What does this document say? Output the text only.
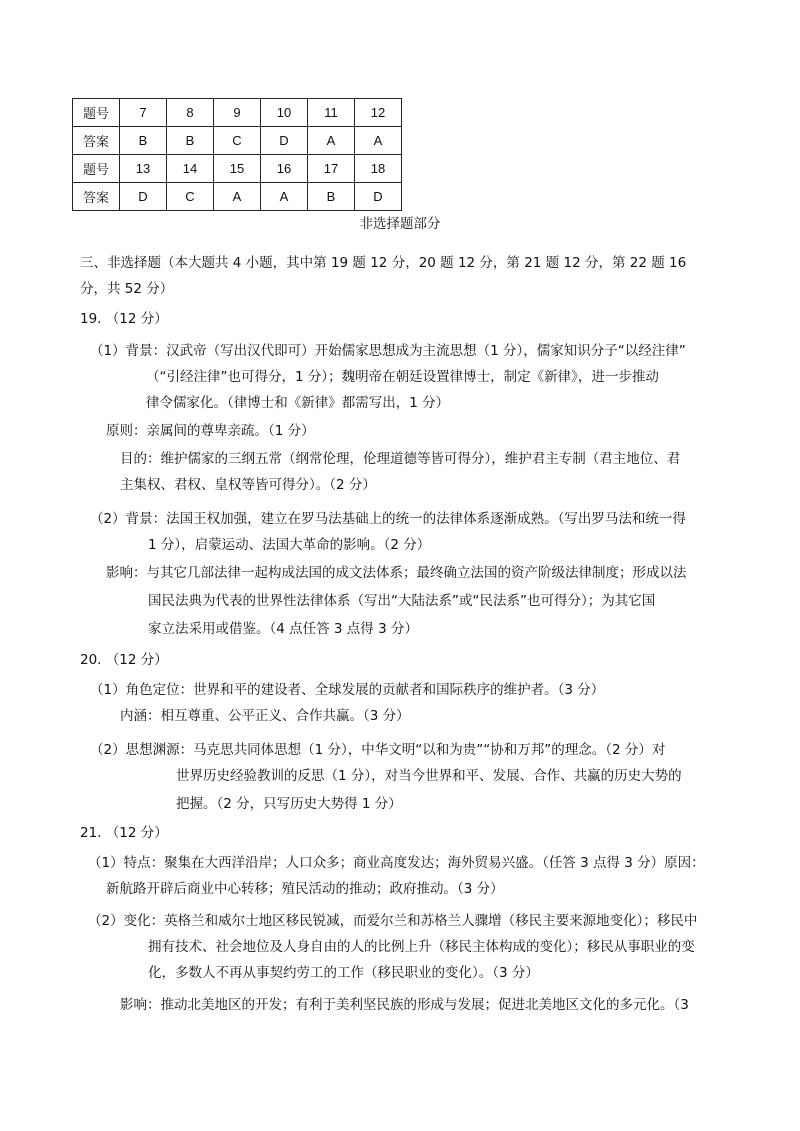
题号	7	8	9	10	11	12
答案	B	B	C	D	A	A
题号	13	14	15	16	17	18
答案	D	C	A	A	B	D
非选择题部分
三、非选择题（本大题共 4 小题，其中第 19 题 12 分，20 题 12 分，第 21 题 12 分，第 22 题 16
分，共 52 分）
19. （12 分）
（1）背景：汉武帝（写出汉代即可）开始儒家思想成为主流思想（1 分），儒家知识分子“以经注律”
（“引经注律”也可得分，1 分）；魏明帝在朝廷设置律博士，制定《新律》，进一步推动
律令儒家化。（律博士和《新律》都需写出，1 分）
原则：亲属间的尊卑亲疏。（1 分）
目的：维护儒家的三纲五常（纲常伦理，伦理道德等皆可得分），维护君主专制（君主地位、君
主集权、君权、皇权等皆可得分）。（2 分）
（2）背景：法国王权加强，建立在罗马法基础上的统一的法律体系逐渐成熟。（写出罗马法和统一得
1 分），启蒙运动、法国大革命的影响。（2 分）
影响：与其它几部法律一起构成法国的成文法体系；最终确立法国的资产阶级法律制度；形成以法
国民法典为代表的世界性法律体系（写出“大陆法系”或“民法系”也可得分）；为其它国
家立法采用或借鉴。（4 点任答 3 点得 3 分）
20. （12 分）
（1）角色定位：世界和平的建设者、全球发展的贡献者和国际秩序的维护者。（3 分）
内涵：相互尊重、公平正义、合作共赢。（3 分）
（2）思想渊源：马克思共同体思想（1 分），中华文明“以和为贵”“协和万邦”的理念。（2 分）对
世界历史经验教训的反思（1 分），对当今世界和平、发展、合作、共赢的历史大势的
把握。（2 分，只写历史大势得 1 分）
21. （12 分）
（1）特点：聚集在大西洋沿岸；人口众多；商业高度发达；海外贸易兴盛。（任答 3 点得 3 分）原因：
新航路开辟后商业中心转移；殖民活动的推动；政府推动。（3 分）
（2）变化：英格兰和威尔士地区移民锐减，而爱尔兰和苏格兰人骤增（移民主要来源地变化）；移民中
拥有技术、社会地位及人身自由的人的比例上升（移民主体构成的变化）；移民从事职业的变
化，多数人不再从事契约劳工的工作（移民职业的变化）。（3 分）
影响：推动北美地区的开发；有利于美利坚民族的形成与发展；促进北美地区文化的多元化。（3
